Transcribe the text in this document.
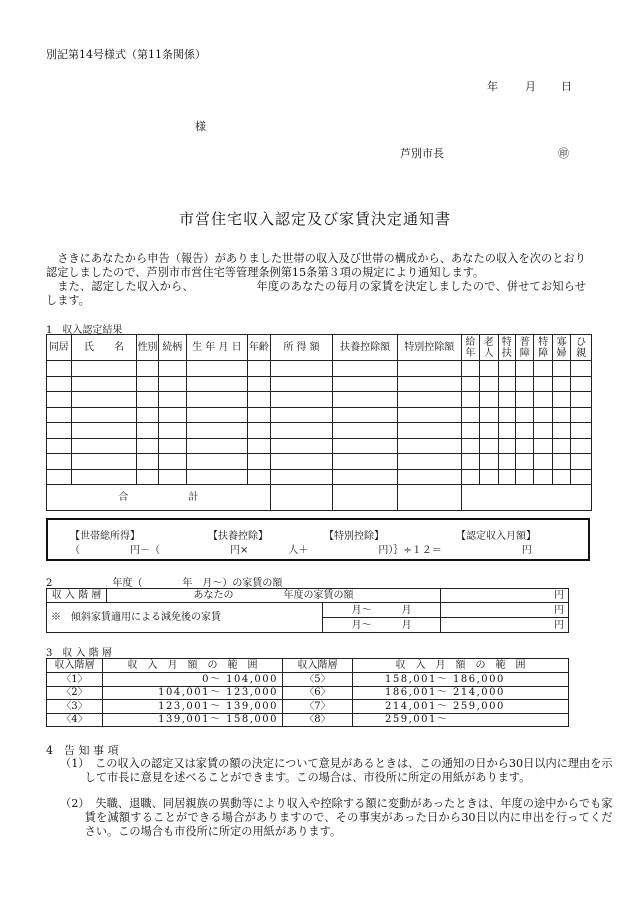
別記第14号様式（第11条関係）
年 月 日
様
芦別市長	㊞
市営住宅収入認定及び家賃決定通知書
さきにあなたから申告（報告）がありました世帯の収入及び世帯の構成から、あなたの収入を次のとおり認定しましたので、芦別市市営住宅等管理条例第15条第３項の規定により通知します。
また、認定した収入から、　　　　　　年度のあなたの毎月の家賃を決定しましたので、併せてお知らせします。
1　収入認定結果
同居	氏　　名	性別	続柄	生 年 月 日	年齢	所 得 額	扶養控除額	特別控除額	給年	老人	特扶	普障	特障	寡婦	ひ親

合　　　　　　計															
【世帯総所得】	【扶養控除】	【特別控除】	【認定収入月額】
（　　　　　円－（　　　　　　　円×　　　　人＋　　　　　　　円）｝÷１２＝　　　　　　　　円
2　　　　　　年度（　　　　年　月～）の家賃の額
収 入 階 層	あなたの　　　　　年度の家賃の額		円
※　傾斜家賃適用による減免後の家賃		月～　　　月	円
		月～　　　月	円
3　収 入 階 層
収入階層	収　入　月　額　の　範　囲	収入階層	収　入　月　額　の　範　囲
〈1〉	0～ 104,000	〈5〉	158,001～ 186,000
〈2〉	104,001～ 123,000	〈6〉	186,001～ 214,000
〈3〉	123,001～ 139,000	〈7〉	214,001～ 259,000
〈4〉	139,001～ 158,000	〈8〉	259,001～
4　告 知 事 項
（1）　この収入の認定又は家賃の額の決定について意見があるときは、この通知の日から30日以内に理由を示して市長に意見を述べることができます。この場合は、市役所に所定の用紙があります。
（2）　失職、退職、同居親族の異動等により収入や控除する額に変動があったときは、年度の途中からでも家賃を減額することができる場合がありますので、その事実があった日から30日以内に申出を行ってください。この場合も市役所に所定の用紙があります。
